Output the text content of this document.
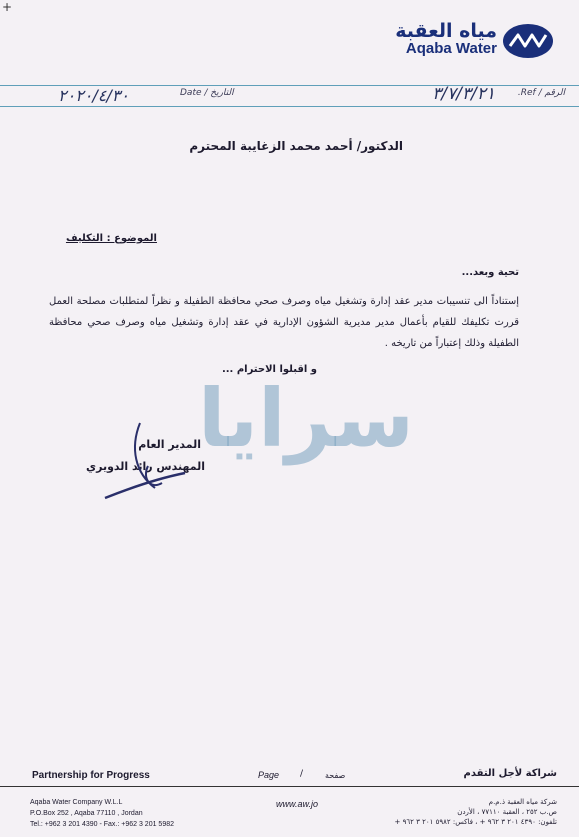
+
مياه العقبة
Aqaba Water
الرقم / Ref.
٣/٧/٣/٢١
التاريخ / Date
٢٠٢٠/٤/٣٠
الدكتور/ أحمد محمد الزغايبة المحترم
الموضوع : التكليف
تحية وبعد...
إستناداً الى تنسيبات مدير عقد إدارة وتشغيل مياه وصرف صحي محافظة الطفيلة و نظراً لمتطلبات مصلحة العمل قررت تكليفك للقيام بأعمال مدير مديرية الشؤون الإدارية في عقد إدارة وتشغيل مياه وصرف صحي محافظة الطفيلة وذلك إعتباراً من تاريخه .
و اقبلوا الاحترام ...
سرايا
المدير العام
المهندس رائد الدويري
Partnership for Progress	Page /	صفحة	شراكة لأجل التقدم
Aqaba Water Company W.L.L
P.O.Box 252 , Aqaba 77110 , Jordan
Tel.: +962 3 201 4390 - Fax.: +962 3 201 5982
www.aw.jo	شركة مياه العقبة ذ.م.م
ص.ب ٢٥٢ ، العقبة ٧٧١١٠ ، الأردن
تلفون: ٤٣٩٠ ٢٠١ ٣ ٩٦٢ + ، فاكس: ٥٩٨٢ ٢٠١ ٣ ٩٦٢ +
